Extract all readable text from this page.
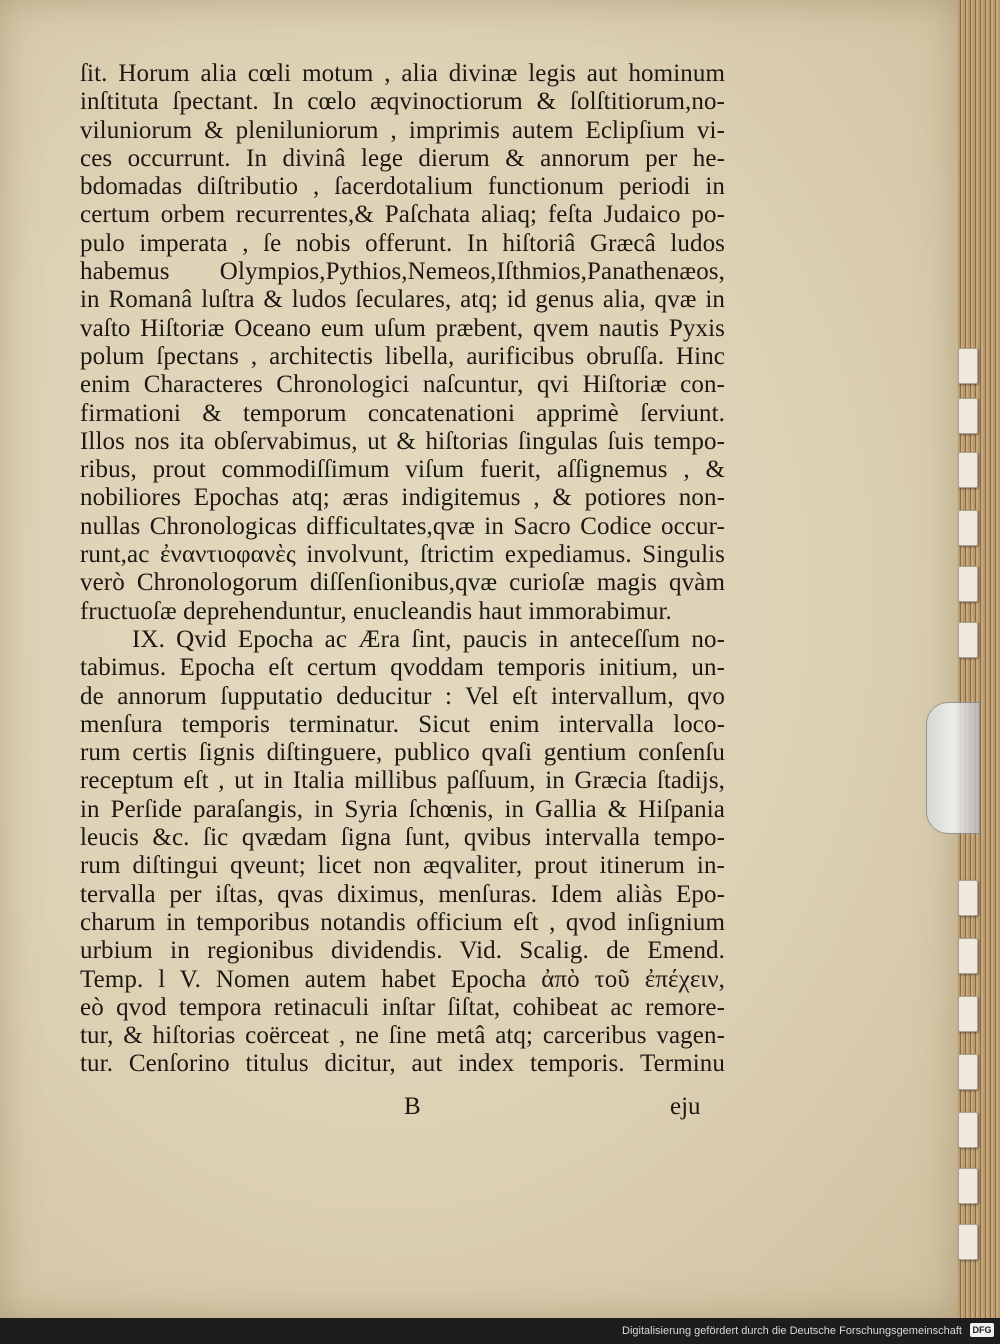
ſit. Horum alia cœli motum , alia divinæ legis aut hominum
inſtituta ſpectant. In cœlo æqvinoctiorum & ſolſtitiorum,no-
viluniorum & pleniluniorum , imprimis autem Eclipſium vi-
ces occurrunt. In divinâ lege dierum & annorum per he-
bdomadas diſtributio , ſacerdotalium functionum periodi in
certum orbem recurrentes,& Paſchata aliaq; feſta Judaico po-
pulo imperata , ſe nobis offerunt. In hiſtoriâ Græcâ ludos
habemus Olympios,Pythios,Nemeos,Iſthmios,Panathenæos,
in Romanâ luſtra & ludos ſeculares, atq; id genus alia, qvæ in
vaſto Hiſtoriæ Oceano eum uſum præbent, qvem nautis Pyxis
polum ſpectans , architectis libella, aurificibus obruſſa. Hinc
enim Characteres Chronologici naſcuntur, qvi Hiſtoriæ con-
firmationi & temporum concatenationi apprimè ſerviunt.
Illos nos ita obſervabimus, ut & hiſtorias ſingulas ſuis tempo-
ribus, prout commodiſſimum viſum fuerit, aſſignemus , &
nobiliores Epochas atq; æras indigitemus , & potiores non-
nullas Chronologicas difficultates,qvæ in Sacro Codice occur-
runt,ac ἐναντιοφανὲς involvunt, ſtrictim expediamus. Singulis
verò Chronologorum diſſenſionibus,qvæ curioſæ magis qvàm
fructuoſæ deprehenduntur, enucleandis haut immorabimur.
IX. Qvid Epocha ac Æra ſint, paucis in anteceſſum no-
tabimus. Epocha eſt certum qvoddam temporis initium, un-
de annorum ſupputatio deducitur : Vel eſt intervallum, qvo
menſura temporis terminatur. Sicut enim intervalla loco-
rum certis ſignis diſtinguere, publico qvaſi gentium conſenſu
receptum eſt , ut in Italia millibus paſſuum, in Græcia ſtadijs,
in Perſide paraſangis, in Syria ſchœnis, in Gallia & Hiſpania
leucis &c. ſic qvædam ſigna ſunt, qvibus intervalla tempo-
rum diſtingui qveunt; licet non æqvaliter, prout itinerum in-
tervalla per iſtas, qvas diximus, menſuras. Idem aliàs Epo-
charum in temporibus notandis officium eſt , qvod inſignium
urbium in regionibus dividendis. Vid. Scalig. de Emend.
Temp. l V. Nomen autem habet Epocha ἀπὸ τοῦ ἐπέχειν,
eò qvod tempora retinaculi inſtar ſiſtat, cohibeat ac remore-
tur, & hiſtorias coërceat , ne ſine metâ atq; carceribus vagen-
tur. Cenſorino titulus dicitur, aut index temporis. Terminu
B	eju
Digitalisierung gefördert durch die Deutsche Forschungsgemeinschaft DFG
